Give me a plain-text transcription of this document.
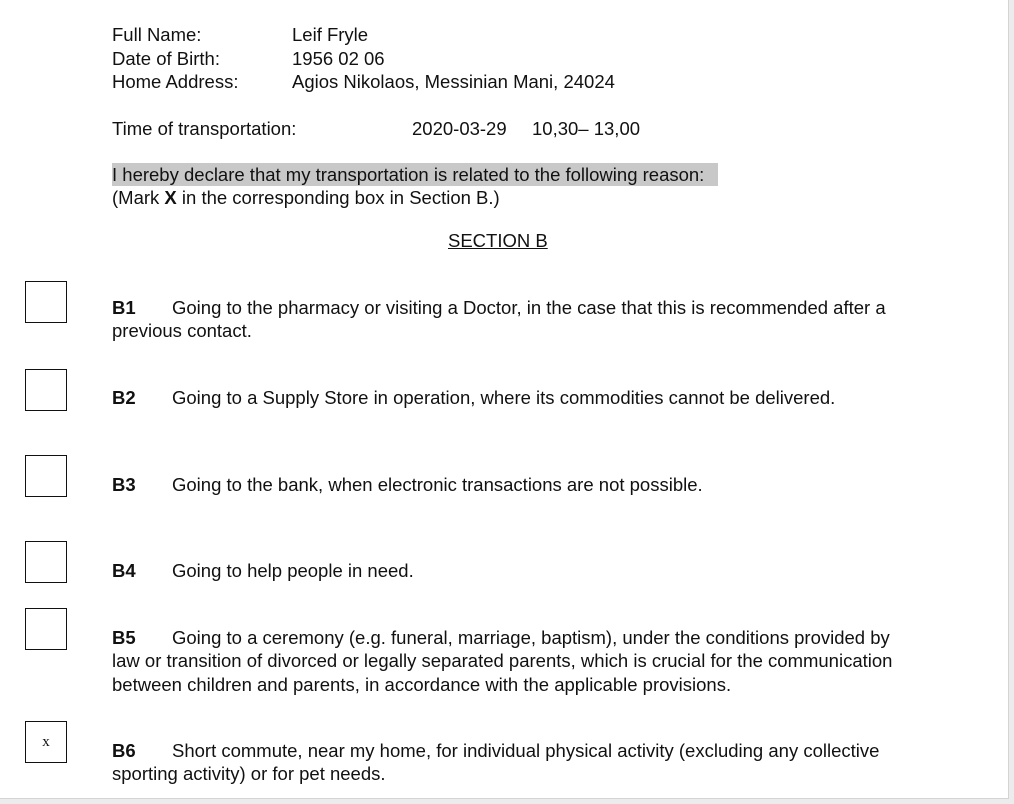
Full Name:	Leif Fryle
Date of Birth:	1956 02 06
Home Address:	Agios Nikolaos, Messinian Mani, 24024
Time of transportation:	2020-03-29 10,30– 13,00
I hereby declare that my transportation is related to the following reason:
(Mark X in the corresponding box in Section B.)
SECTION B
B1 Going to the pharmacy or visiting a Doctor, in the case that this is recommended after a previous contact.
B2 Going to a Supply Store in operation, where its commodities cannot be delivered.
B3 Going to the bank, when electronic transactions are not possible.
B4 Going to help people in need.
B5 Going to a ceremony (e.g. funeral, marriage, baptism), under the conditions provided by law or transition of divorced or legally separated parents, which is crucial for the communication between children and parents, in accordance with the applicable provisions.
x	B6 Short commute, near my home, for individual physical activity (excluding any collective sporting activity) or for pet needs.
